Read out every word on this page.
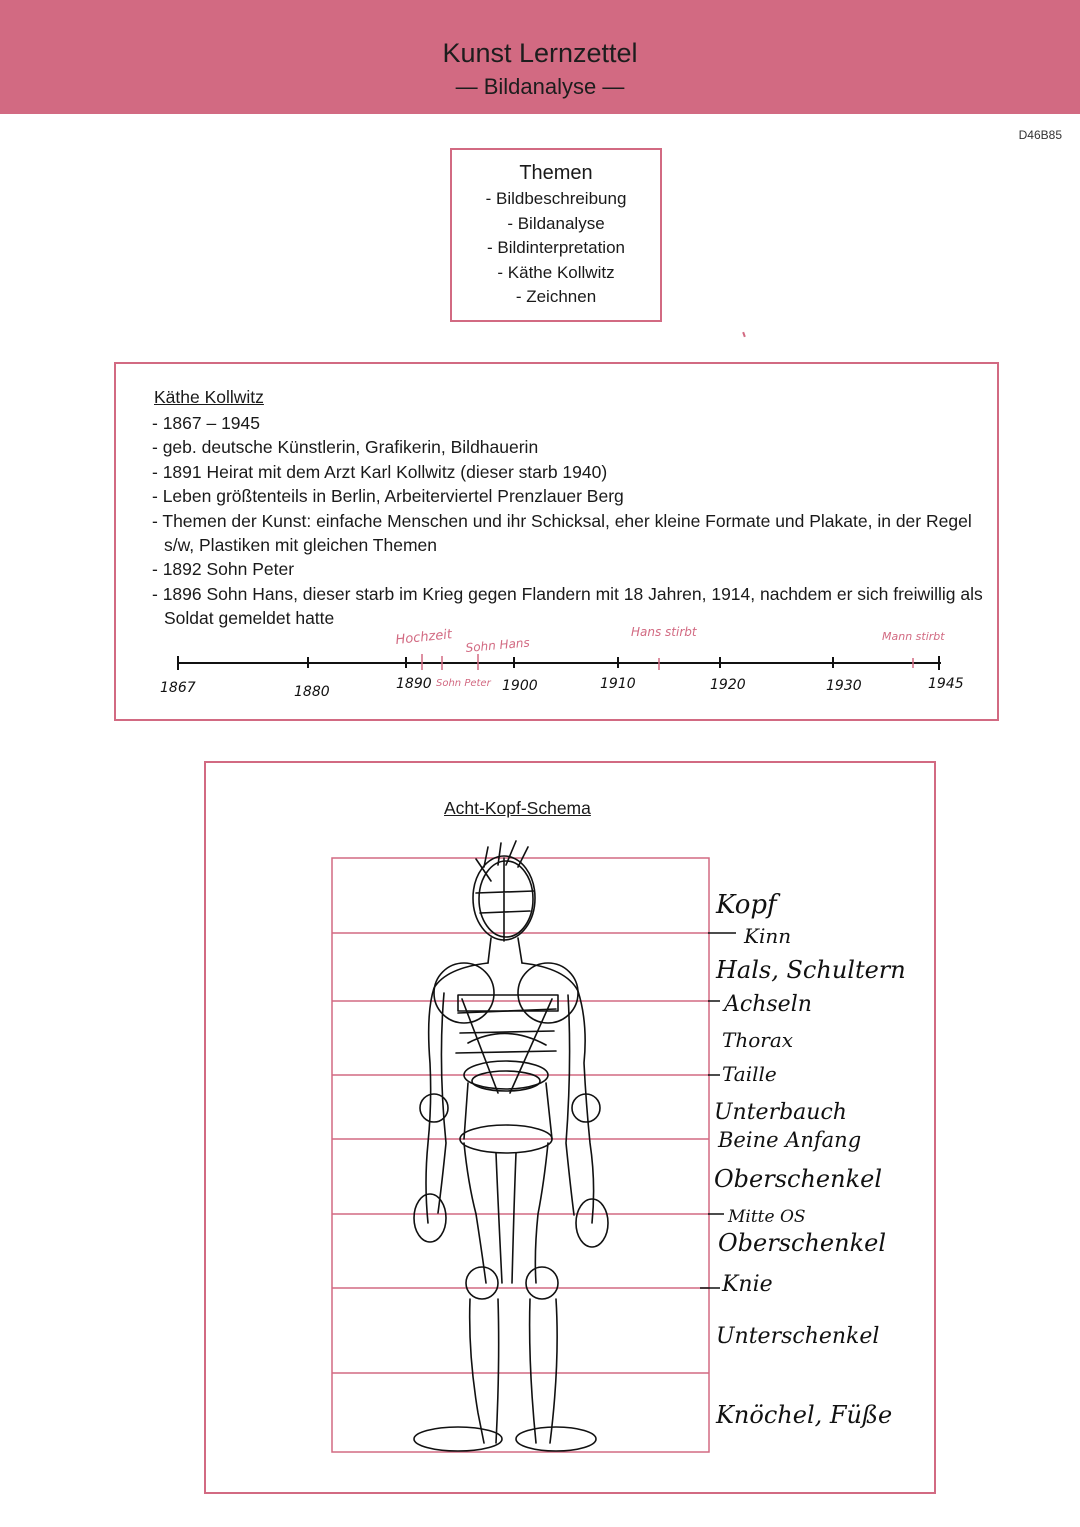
Kunst Lernzettel
— Bildanalyse —
D46B85
Themen
- Bildbeschreibung
- Bildanalyse
- Bildinterpretation
- Käthe Kollwitz
- Zeichnen
Käthe Kollwitz
- 1867 – 1945
- geb. deutsche Künstlerin, Grafikerin, Bildhauerin
- 1891 Heirat mit dem Arzt Karl Kollwitz (dieser starb 1940)
- Leben größtenteils in Berlin, Arbeiterviertel Prenzlauer Berg
- Themen der Kunst: einfache Menschen und ihr Schicksal, eher kleine Formate und Plakate, in der Regel s/w, Plastiken mit gleichen Themen
- 1892 Sohn Peter
- 1896 Sohn Hans, dieser starb im Krieg gegen Flandern mit 18 Jahren, 1914, nachdem er sich freiwillig als Soldat gemeldet hatte
1867	1880	1890	1900	1910	1920	1930	1945
Hochzeit
Sohn Peter
Sohn Hans
Hans stirbt	Mann stirbt
Acht-Kopf-Schema
Kopf
Kinn
Hals, Schultern
Achseln
Thorax
Taille
Unterbauch
Beine Anfang
Oberschenkel
Mitte OS
Oberschenkel
Knie
Unterschenkel
Knöchel, Füße
